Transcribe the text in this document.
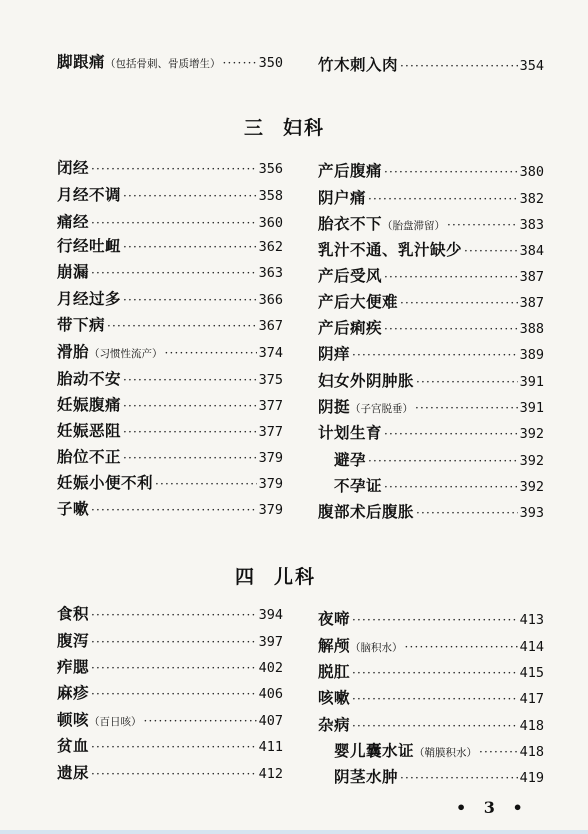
脚跟痛（包括骨刺、骨质增生） ·····	350 竹木刺入肉 ·····	354
三 妇科
闭经 ·····	356
月经不调 ·····	358
痛经 ·····	360
行经吐衄 ·····	362
崩漏 ·····	363
月经过多 ·····	366
带下病 ·····	367
滑胎（习惯性流产） ·····	374
胎动不安 ·····	375
妊娠腹痛 ·····	377
妊娠恶阻 ·····	377
胎位不正 ·····	379
妊娠小便不利 ·····	379
子嗽 ·····	379
产后腹痛 ·····	380
阴户痛 ·····	382
胎衣不下（胎盘滞留） ·····	383
乳汁不通、乳汁缺少 ·····	384
产后受风 ·····	387
产后大便难 ·····	387
产后痢疾 ·····	388
阴痒 ·····	389
妇女外阴肿胀 ·····	391
阴挺（子宫脱垂） ·····	391
计划生育 ·····	392
避孕 ·····	392
不孕证 ·····	392
腹部术后腹胀 ·····	393
四 儿科
食积 ·····	394
腹泻 ·····	397
痄腮 ·····	402
麻疹 ·····	406
顿咳（百日咳） ·····	407
贫血 ·····	411
遗尿 ·····	412
夜啼 ·····	413
解颅（脑积水） ·····	414
脱肛 ·····	415
咳嗽 ·····	417
杂病 ·····	418
婴儿囊水证（鞘膜积水） ·····	418
阴茎水肿 ·····	419
• 3 •
